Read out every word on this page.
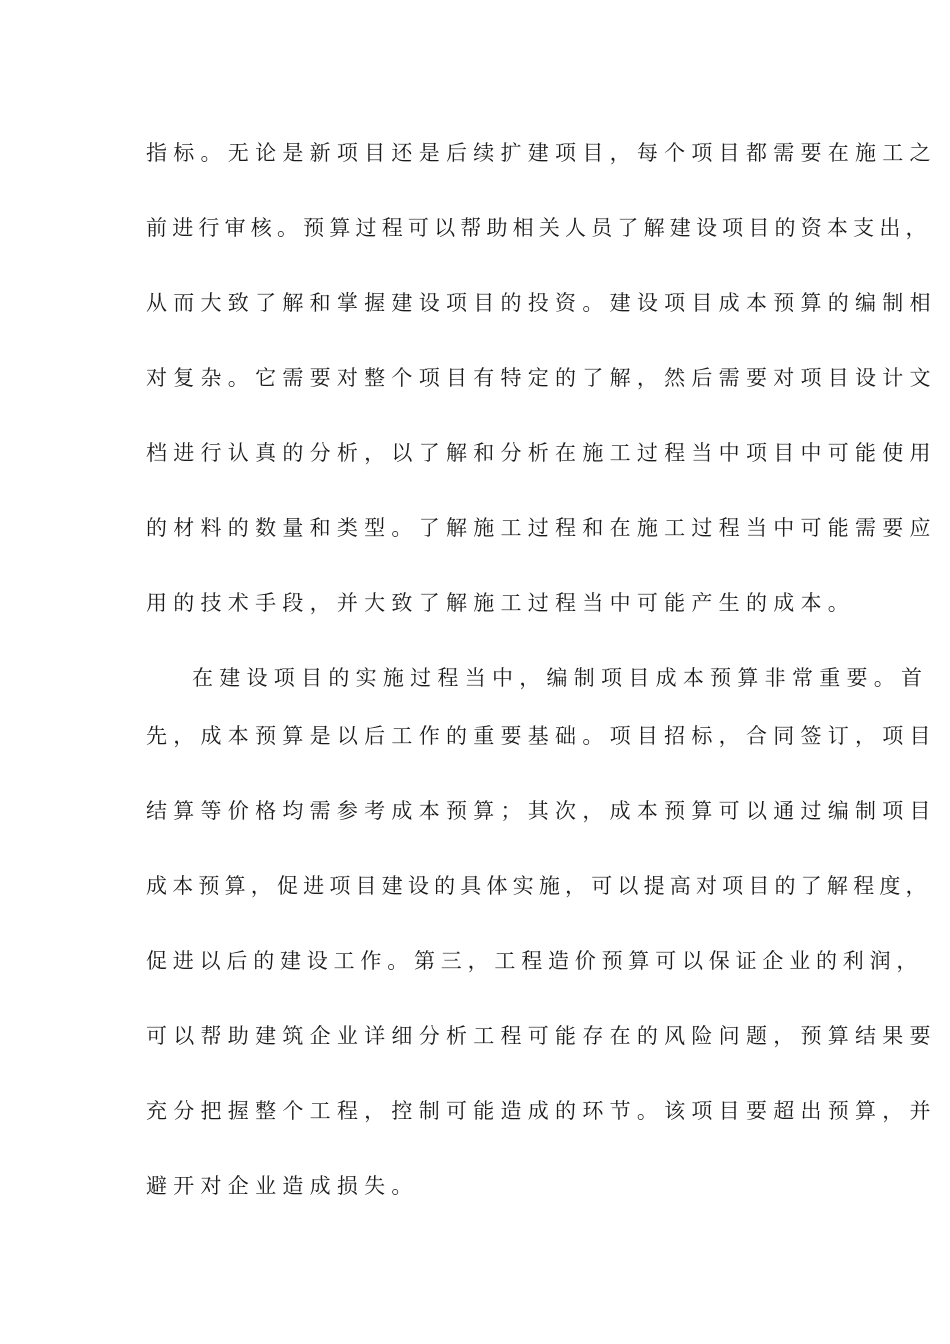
指标。无论是新项目还是后续扩建项目，每个项目都需要在施工之
前进行审核。预算过程可以帮助相关人员了解建设项目的资本支出，
从而大致了解和掌握建设项目的投资。建设项目成本预算的编制相
对复杂。它需要对整个项目有特定的了解，然后需要对项目设计文
档进行认真的分析，以了解和分析在施工过程当中项目中可能使用
的材料的数量和类型。了解施工过程和在施工过程当中可能需要应
用的技术手段，并大致了解施工过程当中可能产生的成本。
在建设项目的实施过程当中，编制项目成本预算非常重要。首
先，成本预算是以后工作的重要基础。项目招标，合同签订，项目
结算等价格均需参考成本预算；其次，成本预算可以通过编制项目
成本预算，促进项目建设的具体实施，可以提高对项目的了解程度，
促进以后的建设工作。第三，工程造价预算可以保证企业的利润，
可以帮助建筑企业详细分析工程可能存在的风险问题，预算结果要
充分把握整个工程，控制可能造成的环节。该项目要超出预算，并
避开对企业造成损失。
